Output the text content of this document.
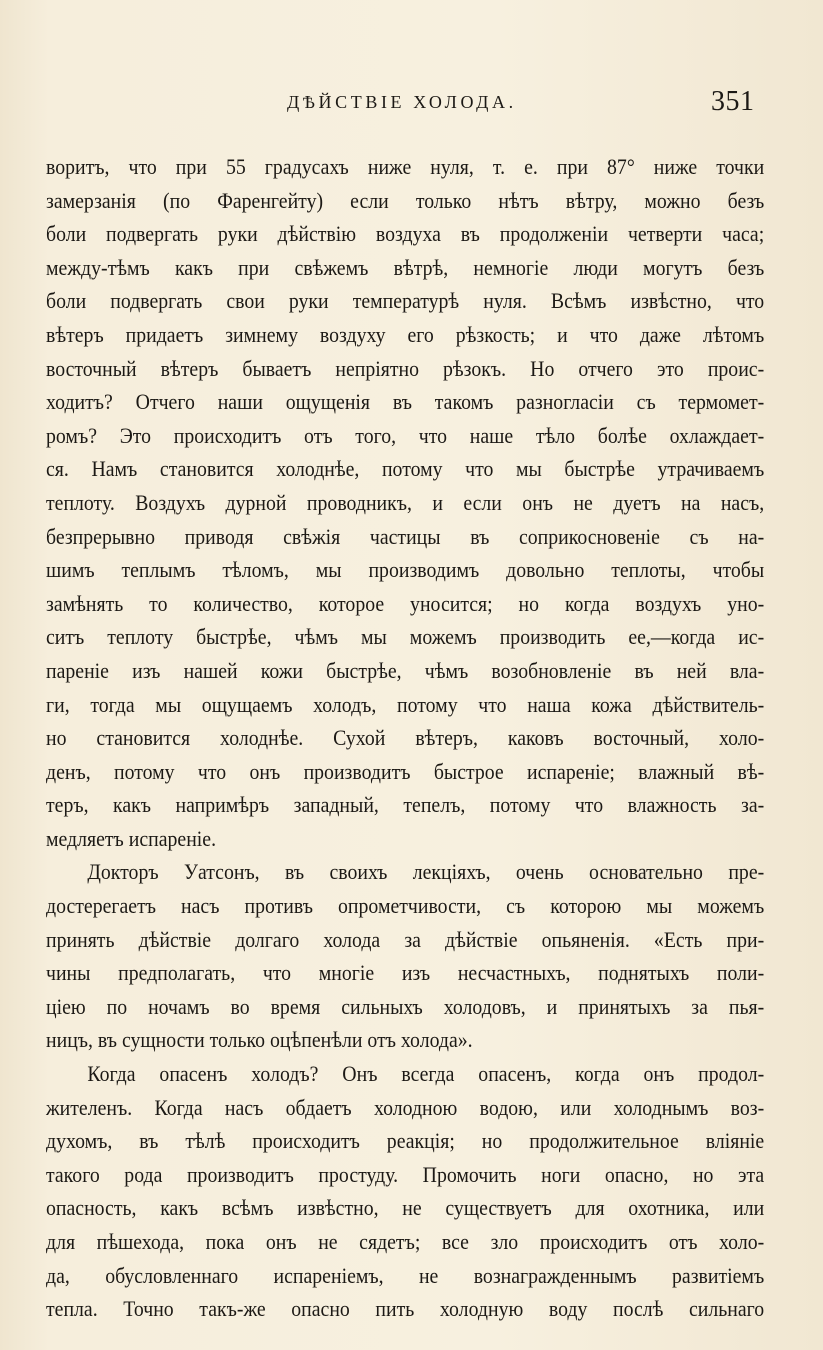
ДѢЙСТВІЕ ХОЛОДА.	351
воритъ, что при 55 градусахъ ниже нуля, т. е. при 87° ниже точки
замерзанія (по Фаренгейту) если только нѣтъ вѣтру, можно безъ
боли подвергать руки дѣйствію воздуха въ продолженіи четверти часа;
между-тѣмъ какъ при свѣжемъ вѣтрѣ, немногіе люди могутъ безъ
боли подвергать свои руки температурѣ нуля. Всѣмъ извѣстно, что
вѣтеръ придаетъ зимнему воздуху его рѣзкость; и что даже лѣтомъ
восточный вѣтеръ бываетъ непріятно рѣзокъ. Но отчего это проис-
ходитъ? Отчего наши ощущенія въ такомъ разногласіи съ термомет-
ромъ? Это происходитъ отъ того, что наше тѣло болѣе охлаждает-
ся. Намъ становится холоднѣе, потому что мы быстрѣе утрачиваемъ
теплоту. Воздухъ дурной проводникъ, и если онъ не дуетъ на насъ,
безпрерывно приводя свѣжія частицы въ соприкосновеніе съ на-
шимъ теплымъ тѣломъ, мы производимъ довольно теплоты, чтобы
замѣнять то количество, которое уносится; но когда воздухъ уно-
ситъ теплоту быстрѣе, чѣмъ мы можемъ производить ее,—когда ис-
пареніе изъ нашей кожи быстрѣе, чѣмъ возобновленіе въ ней вла-
ги, тогда мы ощущаемъ холодъ, потому что наша кожа дѣйствитель-
но становится холоднѣе. Сухой вѣтеръ, каковъ восточный, холо-
денъ, потому что онъ производитъ быстрое испареніе; влажный вѣ-
теръ, какъ напримѣръ западный, тепелъ, потому что влажность за-
медляетъ испареніе.
Докторъ Уатсонъ, въ своихъ лекціяхъ, очень основательно пре-
достерегаетъ насъ противъ опрометчивости, съ которою мы можемъ
принять дѣйствіе долгаго холода за дѣйствіе опьяненія. «Есть при-
чины предполагать, что многіе изъ несчастныхъ, поднятыхъ поли-
ціею по ночамъ во время сильныхъ холодовъ, и принятыхъ за пья-
ницъ, въ сущности только оцѣпенѣли отъ холода».
Когда опасенъ холодъ? Онъ всегда опасенъ, когда онъ продол-
жителенъ. Когда насъ обдаетъ холодною водою, или холоднымъ воз-
духомъ, въ тѣлѣ происходитъ реакція; но продолжительное вліяніе
такого рода производитъ простуду. Промочить ноги опасно, но эта
опасность, какъ всѣмъ извѣстно, не существуетъ для охотника, или
для пѣшехода, пока онъ не сядетъ; все зло происходитъ отъ холо-
да, обусловленнаго испареніемъ, не вознагражденнымъ развитіемъ
тепла. Точно такъ-же опасно пить холодную воду послѣ сильнаго
